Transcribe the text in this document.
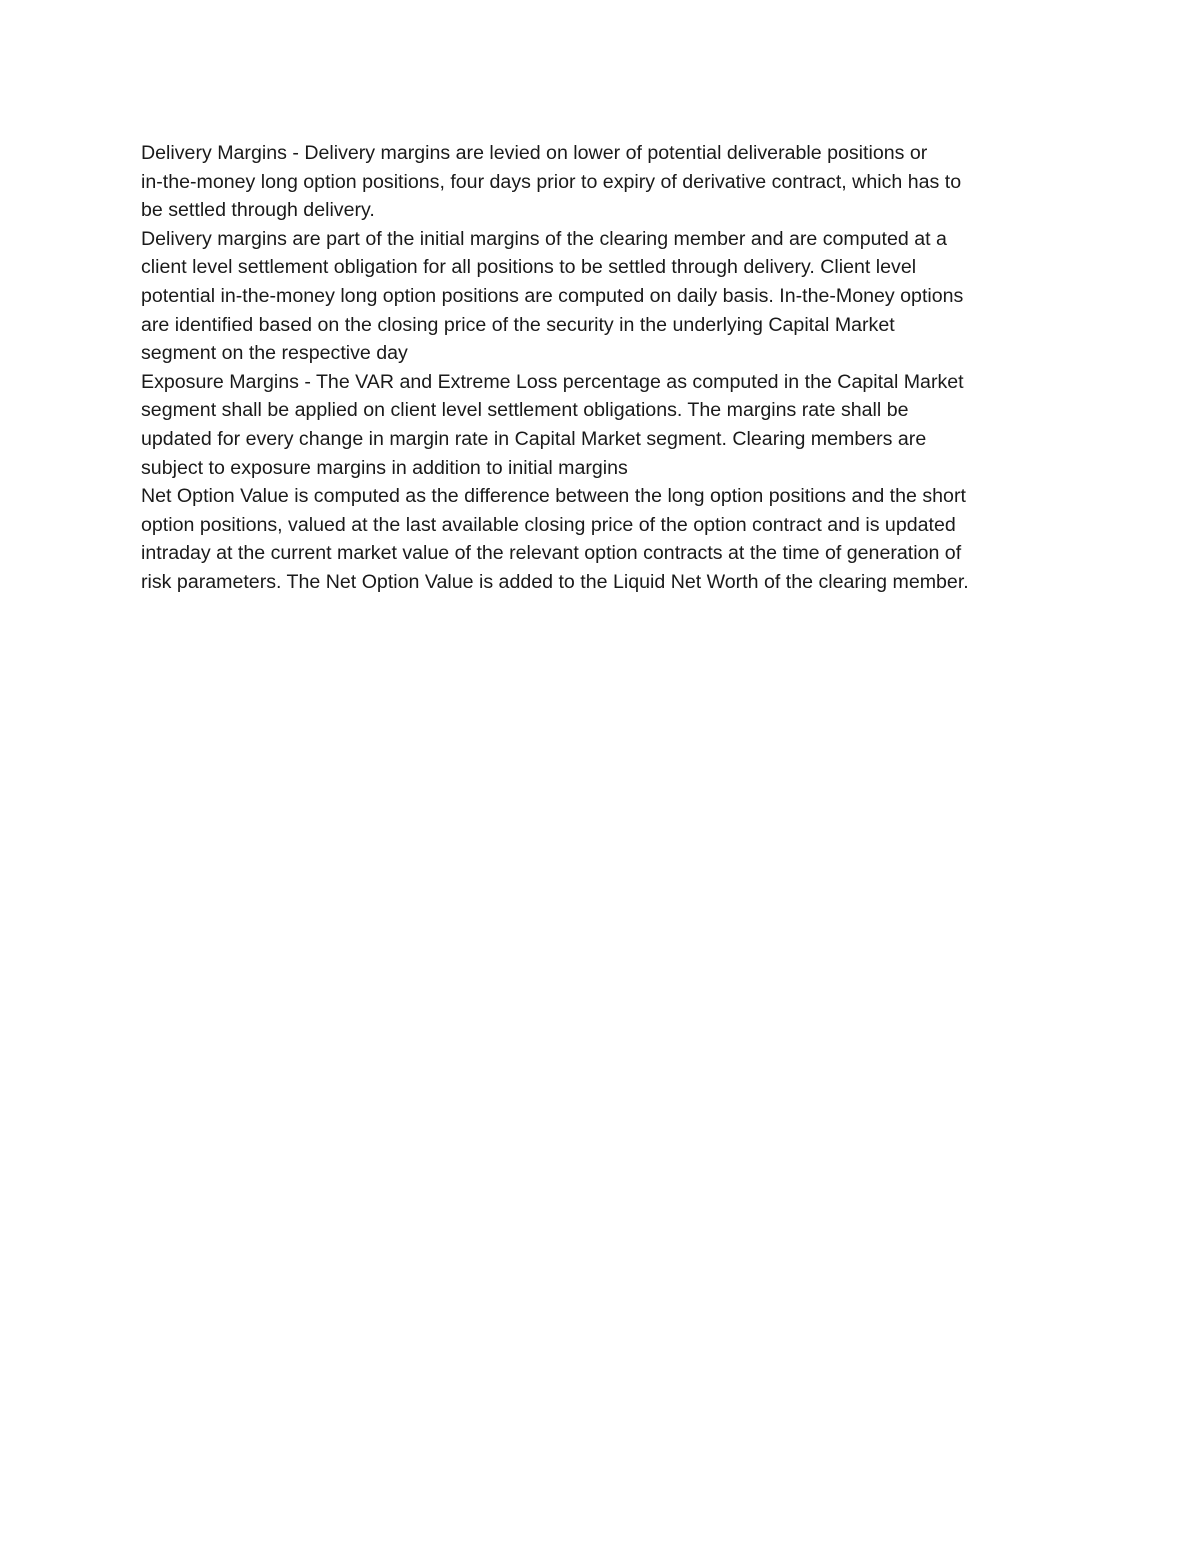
Delivery Margins - Delivery margins are levied on lower of potential deliverable positions or
in-the-money long option positions, four days prior to expiry of derivative contract, which has to
be settled through delivery.
Delivery margins are part of the initial margins of the clearing member and are computed at a
client level settlement obligation for all positions to be settled through delivery. Client level
potential in-the-money long option positions are computed on daily basis. In-the-Money options
are identified based on the closing price of the security in the underlying Capital Market
segment on the respective day
Exposure Margins - The VAR and Extreme Loss percentage as computed in the Capital Market
segment shall be applied on client level settlement obligations. The margins rate shall be
updated for every change in margin rate in Capital Market segment. Clearing members are
subject to exposure margins in addition to initial margins
Net Option Value is computed as the difference between the long option positions and the short
option positions, valued at the last available closing price of the option contract and is updated
intraday at the current market value of the relevant option contracts at the time of generation of
risk parameters. The Net Option Value is added to the Liquid Net Worth of the clearing member.
